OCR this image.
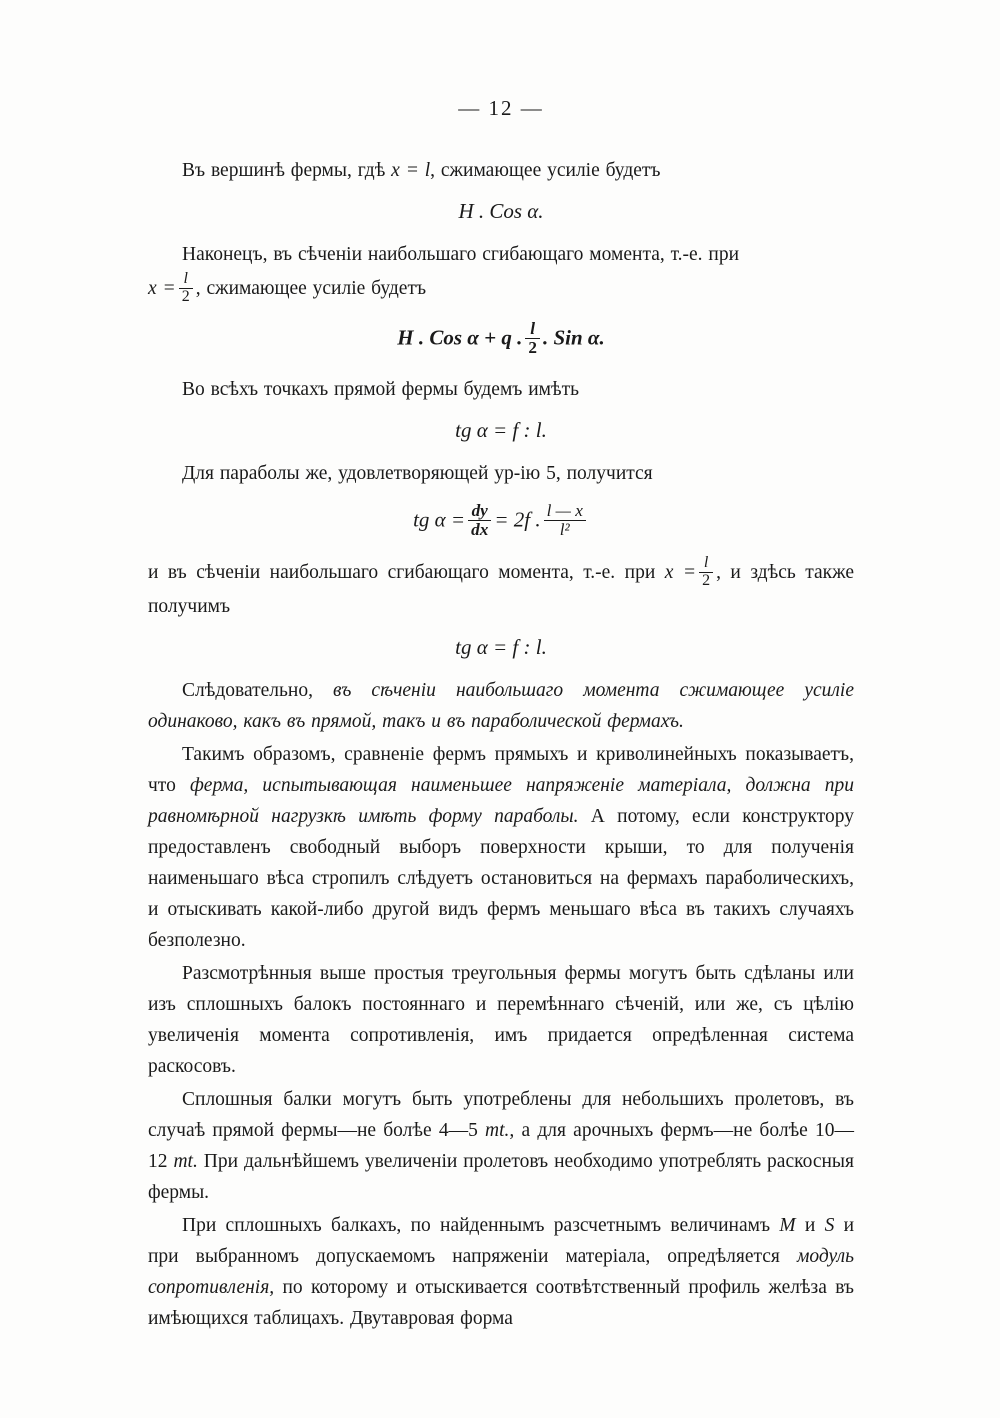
— 12 —

Въ вершинѣ фермы, гдѣ x = l, сжимающее усиліе будетъ

H . Cos α.

Наконецъ, въ сѣченіи наибольшаго сгибающаго момента, т.-е. при

$x = \frac{l}{2}$ , сжимающее усиліе будетъ

H . Cos α + q . $\frac{l}{2}$ . Sin α.

Во всѣхъ точкахъ прямой фермы будемъ имѣть

tg α = f : l.

Для параболы же, удовлетворяющей ур-ію 5, получится

tg $\alpha = \frac{dy}{dx} = 2f$ . $\frac{l — x}{\text{l²}}$

и въ сѣченіи наибольшаго сгибающаго момента, т.-е. при $x = \frac{l}{2}$ , и здѣсь также получимъ

tg α = f : l.

Слѣдовательно, въ сѣченіи наибольшаго момента сжимающее усиліе одинаково, какъ въ прямой, такъ и въ параболической фермахъ.

Такимъ образомъ, сравненіе фермъ прямыхъ и криволинейныхъ показываетъ, что ферма, испытывающая наименьшее напряженіе матеріала, должна при равномѣрной нагрузкѣ имѣть форму параболы. А потому, если конструктору предоставленъ свободный выборъ поверхности крыши, то для полученія наименьшаго вѣса стропилъ слѣдуетъ остановиться на фермахъ параболическихъ, и отыскивать какой-либо другой видъ фермъ меньшаго вѣса въ такихъ случаяхъ безполезно.

Разсмотрѣнныя выше простыя треугольныя фермы могутъ быть сдѣланы или изъ сплошныхъ балокъ постояннаго и перемѣннаго сѣченій, или же, съ цѣлію увеличенія момента сопротивленія, имъ придается опредѣленная система раскосовъ.

Сплошныя балки могутъ быть употреблены для небольшихъ пролетовъ, въ случаѣ прямой фермы—не болѣе 4—5 mt., а для арочныхъ фермъ—не болѣе 10—12 mt. При дальнѣйшемъ увеличеніи пролетовъ необходимо употреблять раскосныя фермы.

При сплошныхъ балкахъ, по найденнымъ разсчетнымъ величинамъ M и S и при выбранномъ допускаемомъ напряженіи матеріала, опредѣляется модуль сопротивленія, по которому и отыскивается соотвѣтственный профиль желѣза въ имѣющихся таблицахъ. Двутавровая форма
